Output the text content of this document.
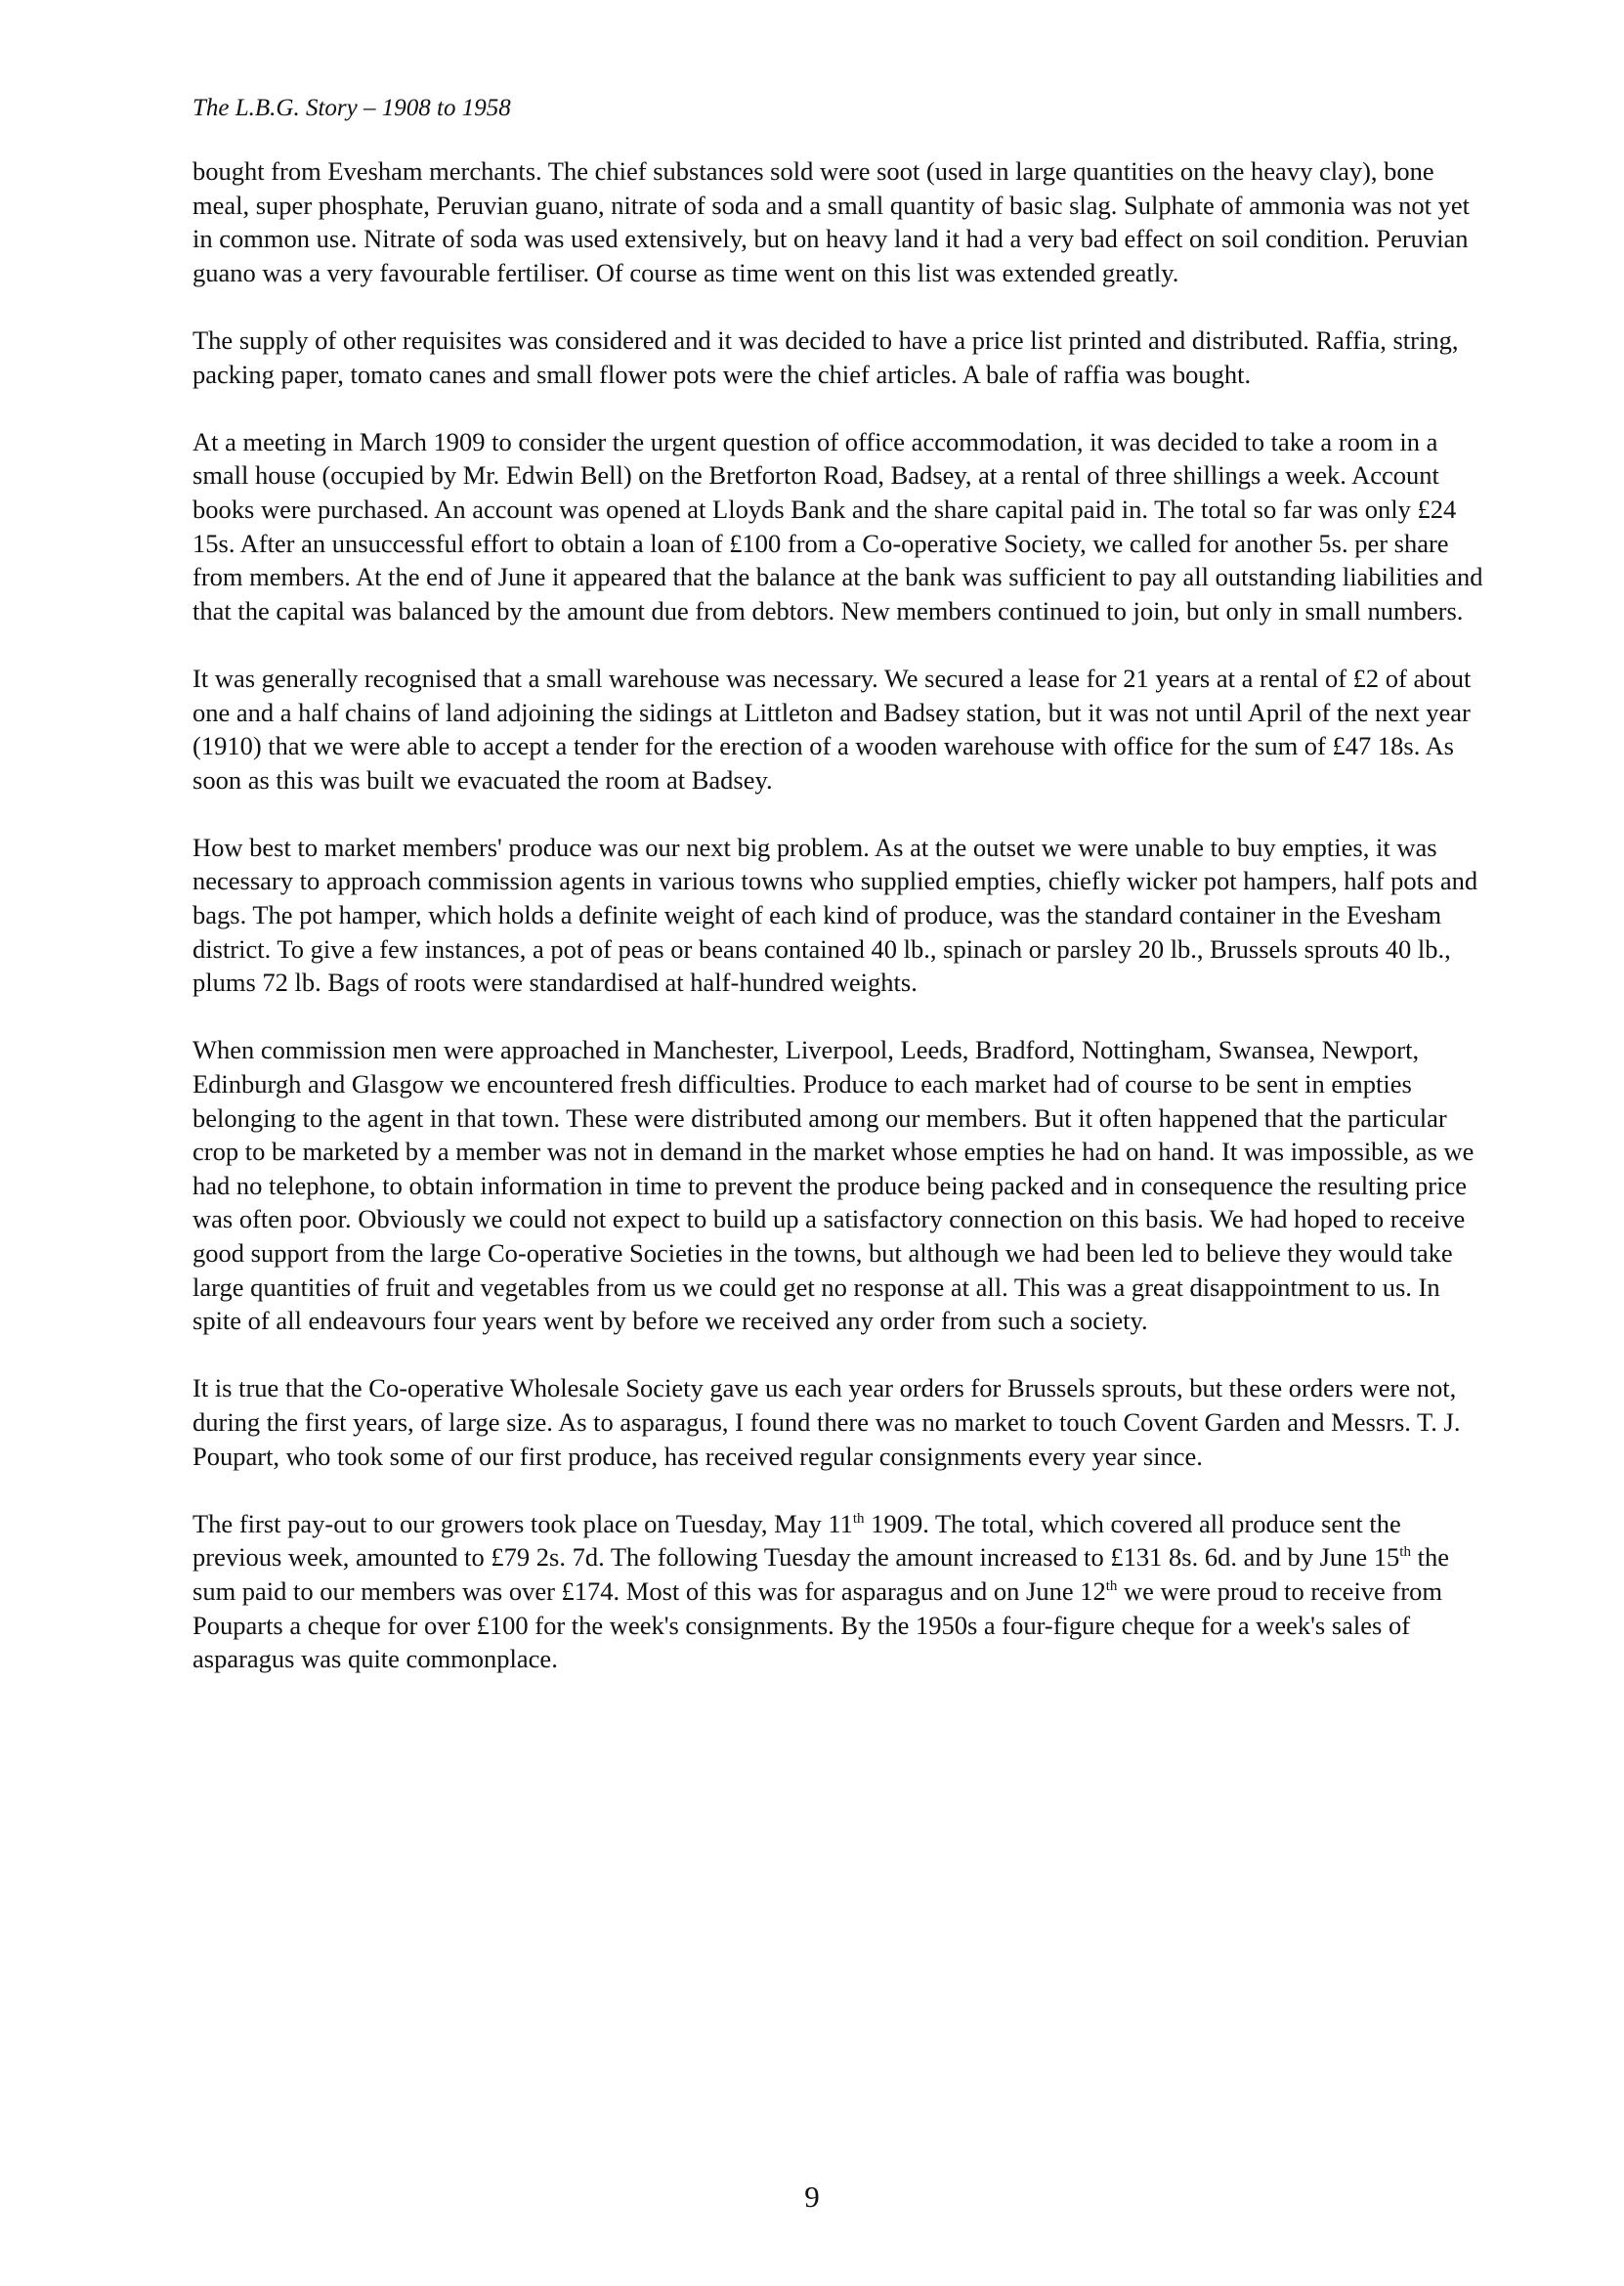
The L.B.G. Story – 1908 to 1958

bought from Evesham merchants. The chief substances sold were soot (used in large quantities on the heavy clay), bone meal, super phosphate, Peruvian guano, nitrate of soda and a small quantity of basic slag. Sulphate of ammonia was not yet in common use. Nitrate of soda was used extensively, but on heavy land it had a very bad effect on soil condition. Peruvian guano was a very favourable fertiliser. Of course as time went on this list was extended greatly.

The supply of other requisites was considered and it was decided to have a price list printed and distributed. Raffia, string, packing paper, tomato canes and small flower pots were the chief articles. A bale of raffia was bought.

At a meeting in March 1909 to consider the urgent question of office accommodation, it was decided to take a room in a small house (occupied by Mr. Edwin Bell) on the Bretforton Road, Badsey, at a rental of three shillings a week. Account books were purchased. An account was opened at Lloyds Bank and the share capital paid in. The total so far was only £24 15s. After an unsuccessful effort to obtain a loan of £100 from a Co-operative Society, we called for another 5s. per share from members. At the end of June it appeared that the balance at the bank was sufficient to pay all outstanding liabilities and that the capital was balanced by the amount due from debtors. New members continued to join, but only in small numbers.

It was generally recognised that a small warehouse was necessary. We secured a lease for 21 years at a rental of £2 of about one and a half chains of land adjoining the sidings at Littleton and Badsey station, but it was not until April of the next year (1910) that we were able to accept a tender for the erection of a wooden warehouse with office for the sum of £47 18s. As soon as this was built we evacuated the room at Badsey.

How best to market members' produce was our next big problem. As at the outset we were unable to buy empties, it was necessary to approach commission agents in various towns who supplied empties, chiefly wicker pot hampers, half pots and bags. The pot hamper, which holds a definite weight of each kind of produce, was the standard container in the Evesham district. To give a few instances, a pot of peas or beans contained 40 lb., spinach or parsley 20 lb., Brussels sprouts 40 lb., plums 72 lb. Bags of roots were standardised at half-hundred weights.

When commission men were approached in Manchester, Liverpool, Leeds, Bradford, Nottingham, Swansea, Newport, Edinburgh and Glasgow we encountered fresh difficulties. Produce to each market had of course to be sent in empties belonging to the agent in that town. These were distributed among our members. But it often happened that the particular crop to be marketed by a member was not in demand in the market whose empties he had on hand. It was impossible, as we had no telephone, to obtain information in time to prevent the produce being packed and in consequence the resulting price was often poor. Obviously we could not expect to build up a satisfactory connection on this basis. We had hoped to receive good support from the large Co-operative Societies in the towns, but although we had been led to believe they would take large quantities of fruit and vegetables from us we could get no response at all. This was a great disappointment to us. In spite of all endeavours four years went by before we received any order from such a society.

It is true that the Co-operative Wholesale Society gave us each year orders for Brussels sprouts, but these orders were not, during the first years, of large size. As to asparagus, I found there was no market to touch Covent Garden and Messrs. T. J. Poupart, who took some of our first produce, has received regular consignments every year since.

The first pay-out to our growers took place on Tuesday, May 11th 1909. The total, which covered all produce sent the previous week, amounted to £79 2s. 7d. The following Tuesday the amount increased to £131 8s. 6d. and by June 15th the sum paid to our members was over £174. Most of this was for asparagus and on June 12th we were proud to receive from Pouparts a cheque for over £100 for the week's consignments. By the 1950s a four-figure cheque for a week's sales of asparagus was quite commonplace.

9
